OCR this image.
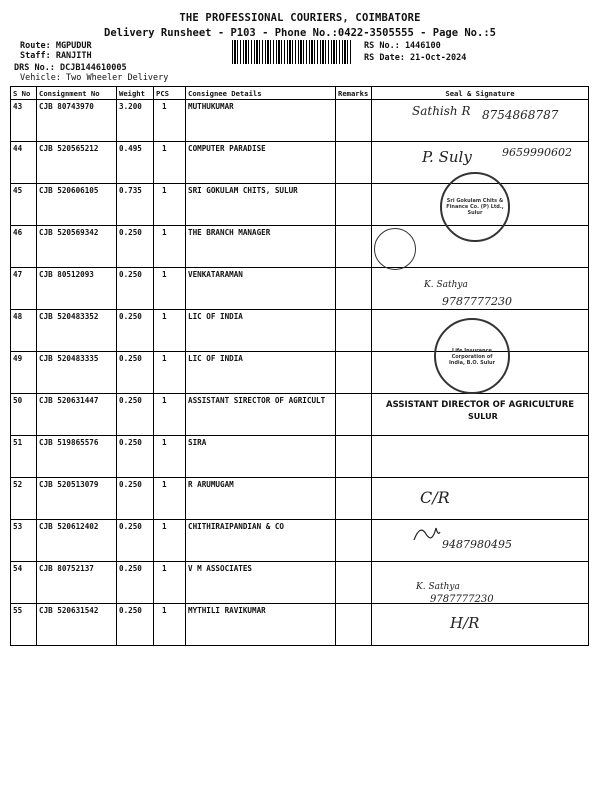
THE PROFESSIONAL COURIERS, COIMBATORE
Delivery Runsheet - P103 - Phone No.:0422-3505555 - Page No.:5
Route: MGPUDUR
Staff: RANJITH
DRS No.: DCJB144610005
Vehicle: Two Wheeler Delivery
RS No.: 1446100
RS Date: 21-Oct-2024
S No	Consignment No	Weight	PCS	Consignee Details	Remarks	Seal & Signature
43	CJB 80743970	3.200	1	MUTHUKUMAR		Sathish R 8754868787

44	CJB 520565212	0.495	1	COMPUTER PARADISE		P. Suly 9659990602

45	CJB 520606105	0.735	1	SRI GOKULAM CHITS, SULUR		Sri Gokulam Chits & Finance Co. (P) Ltd., Sulur

46	CJB 520569342	0.250	1	THE BRANCH MANAGER		

47	CJB 80512093	0.250	1	VENKATARAMAN		K. Sathya
9787777230

48	CJB 520483352	0.250	1	LIC OF INDIA		Life Insurance Corporation of India, B.O. Sulur

49	CJB 520483335	0.250	1	LIC OF INDIA		
50	CJB 520631447	0.250	1	ASSISTANT SIRECTOR OF AGRICULT		ASSISTANT DIRECTOR OF AGRICULTURE
SULUR

51	CJB 519865576	0.250	1	SIRA		
52	CJB 520513079	0.250	1	R ARUMUGAM		C/R

53	CJB 520612402	0.250	1	CHITHIRAIPANDIAN & CO		9487980495

54	CJB 80752137	0.250	1	V M ASSOCIATES		K. Sathya
9787777230

55	CJB 520631542	0.250	1	MYTHILI RAVIKUMAR		H/R
